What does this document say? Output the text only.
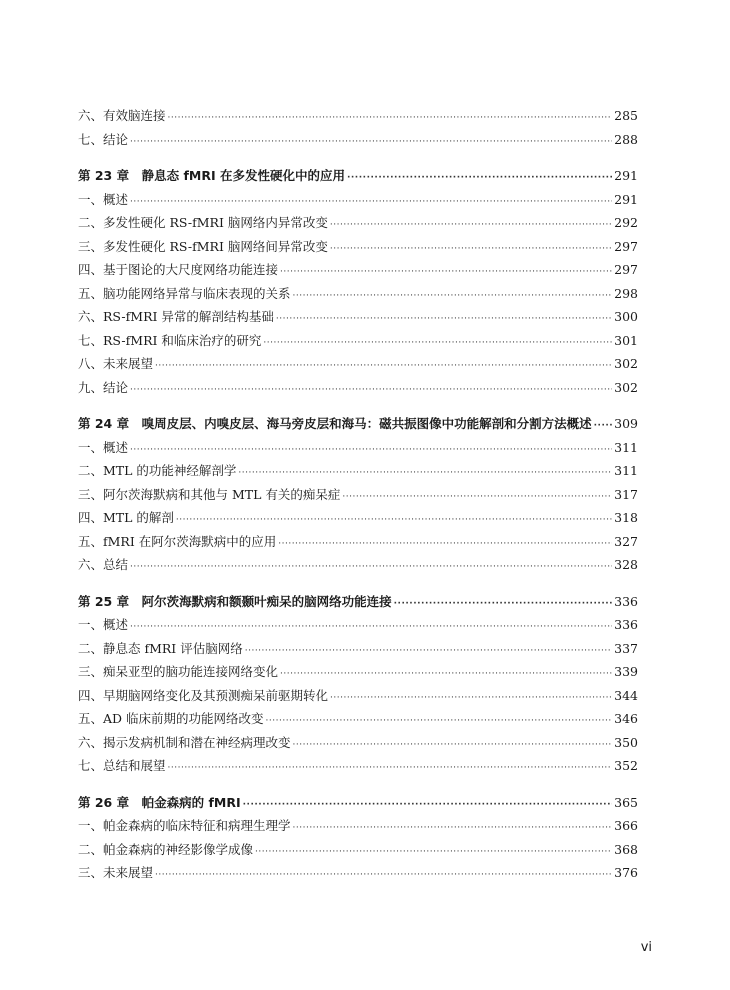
六、有效脑连接 ·····	285
七、结论 ·····	288
第 23 章　静息态 fMRI 在多发性硬化中的应用 ·····	291
一、概述 ·····	291
二、多发性硬化 RS-fMRI 脑网络内异常改变 ·····	292
三、多发性硬化 RS-fMRI 脑网络间异常改变 ·····	297
四、基于图论的大尺度网络功能连接 ·····	297
五、脑功能网络异常与临床表现的关系 ·····	298
六、RS-fMRI 异常的解剖结构基础 ·····	300
七、RS-fMRI 和临床治疗的研究 ·····	301
八、未来展望 ·····	302
九、结论 ·····	302
第 24 章　嗅周皮层、内嗅皮层、海马旁皮层和海马：磁共振图像中功能解剖和分割方法概述 ····· 309
一、概述 ·····	311
二、MTL 的功能神经解剖学 ·····	311
三、阿尔茨海默病和其他与 MTL 有关的痴呆症 ·····	317
四、MTL 的解剖 ·····	318
五、fMRI 在阿尔茨海默病中的应用 ·····	327
六、总结 ·····	328
第 25 章　阿尔茨海默病和额颞叶痴呆的脑网络功能连接 ·····	336
一、概述 ·····	336
二、静息态 fMRI 评估脑网络 ·····	337
三、痴呆亚型的脑功能连接网络变化 ·····	339
四、早期脑网络变化及其预测痴呆前驱期转化 ·····	344
五、AD 临床前期的功能网络改变 ·····	346
六、揭示发病机制和潜在神经病理改变 ·····	350
七、总结和展望 ·····	352
第 26 章　帕金森病的 fMRI ·····	365
一、帕金森病的临床特征和病理生理学 ·····	366
二、帕金森病的神经影像学成像 ·····	368
三、未来展望 ·····	376
vi
